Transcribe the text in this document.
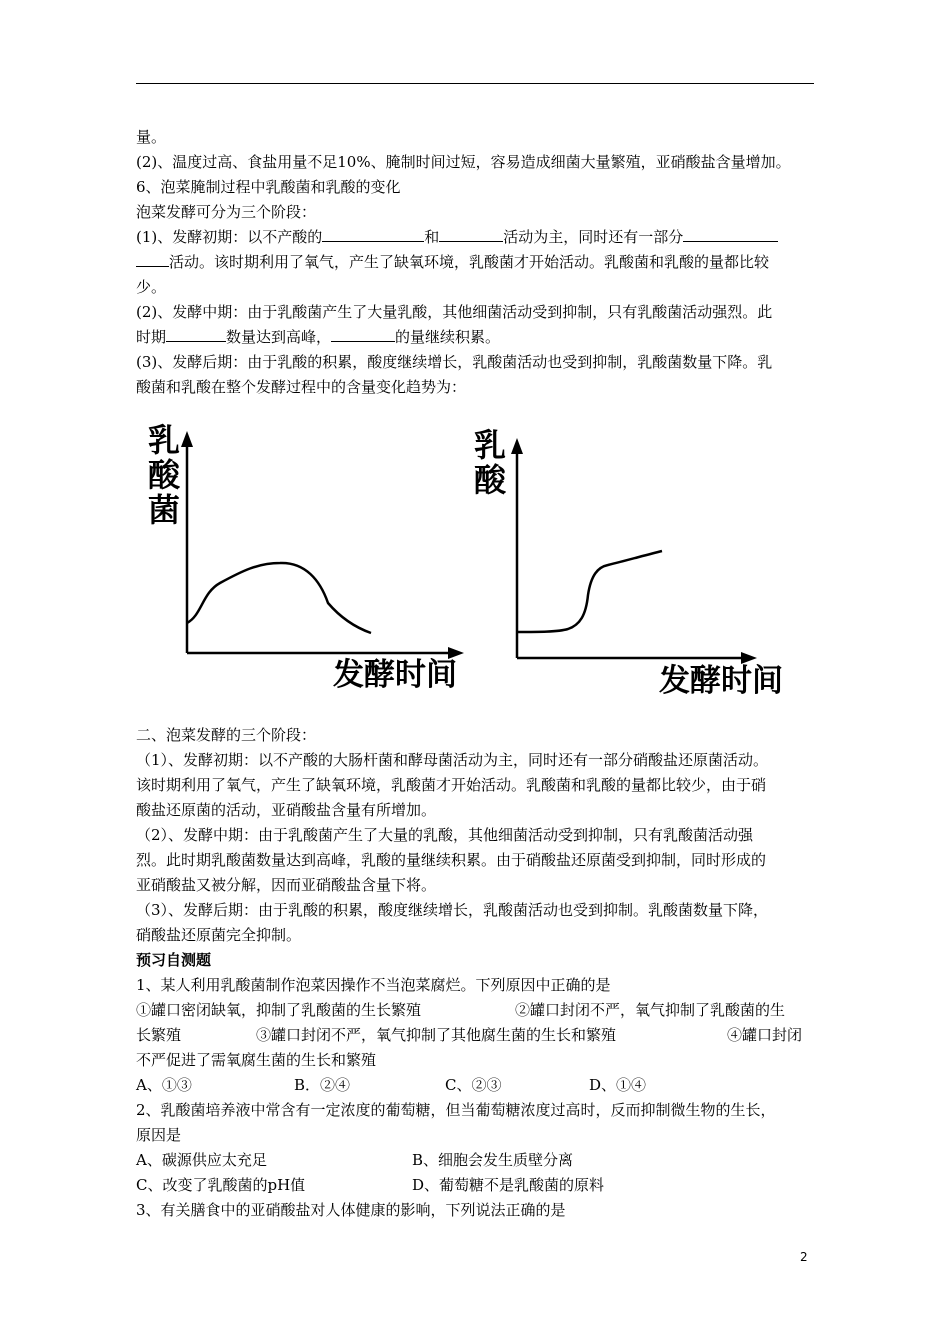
量。
(2)、温度过高、食盐用量不足10%、腌制时间过短，容易造成细菌大量繁殖，亚硝酸盐含量增加。
6、泡菜腌制过程中乳酸菌和乳酸的变化
泡菜发酵可分为三个阶段：
(1)、发酵初期：以不产酸的	和	活动为主，同时还有一部分
活动。该时期利用了氧气，产生了缺氧环境，乳酸菌才开始活动。乳酸菌和乳酸的量都比较
少。
(2)、发酵中期：由于乳酸菌产生了大量乳酸，其他细菌活动受到抑制，只有乳酸菌活动强烈。此
时期	数量达到高峰，	的量继续积累。
(3)、发酵后期：由于乳酸的积累，酸度继续增长，乳酸菌活动也受到抑制，乳酸菌数量下降。乳
酸菌和乳酸在整个发酵过程中的含量变化趋势为：
乳
酸
菌
发酵时间
乳
酸
发酵时间
二、泡菜发酵的三个阶段：
（1）、发酵初期：以不产酸的大肠杆菌和酵母菌活动为主，同时还有一部分硝酸盐还原菌活动。
该时期利用了氧气，产生了缺氧环境，乳酸菌才开始活动。乳酸菌和乳酸的量都比较少，由于硝
酸盐还原菌的活动，亚硝酸盐含量有所增加。
（2）、发酵中期：由于乳酸菌产生了大量的乳酸，其他细菌活动受到抑制，只有乳酸菌活动强
烈。此时期乳酸菌数量达到高峰，乳酸的量继续积累。由于硝酸盐还原菌受到抑制，同时形成的
亚硝酸盐又被分解，因而亚硝酸盐含量下将。
（3）、发酵后期：由于乳酸的积累，酸度继续增长，乳酸菌活动也受到抑制。乳酸菌数量下降，
硝酸盐还原菌完全抑制。
预习自测题
1、某人利用乳酸菌制作泡菜因操作不当泡菜腐烂。下列原因中正确的是
①罐口密闭缺氧，抑制了乳酸菌的生长繁殖	②罐口封闭不严，氧气抑制了乳酸菌的生
长繁殖	③罐口封闭不严，氧气抑制了其他腐生菌的生长和繁殖	④罐口封闭
不严促进了需氧腐生菌的生长和繁殖
A、①③	B．②④	C、②③	D、①④
2、乳酸菌培养液中常含有一定浓度的葡萄糖，但当葡萄糖浓度过高时，反而抑制微生物的生长，
原因是
A、碳源供应太充足	B、细胞会发生质壁分离
C、改变了乳酸菌的pH值	D、葡萄糖不是乳酸菌的原料
3、有关膳食中的亚硝酸盐对人体健康的影响，下列说法正确的是
2
